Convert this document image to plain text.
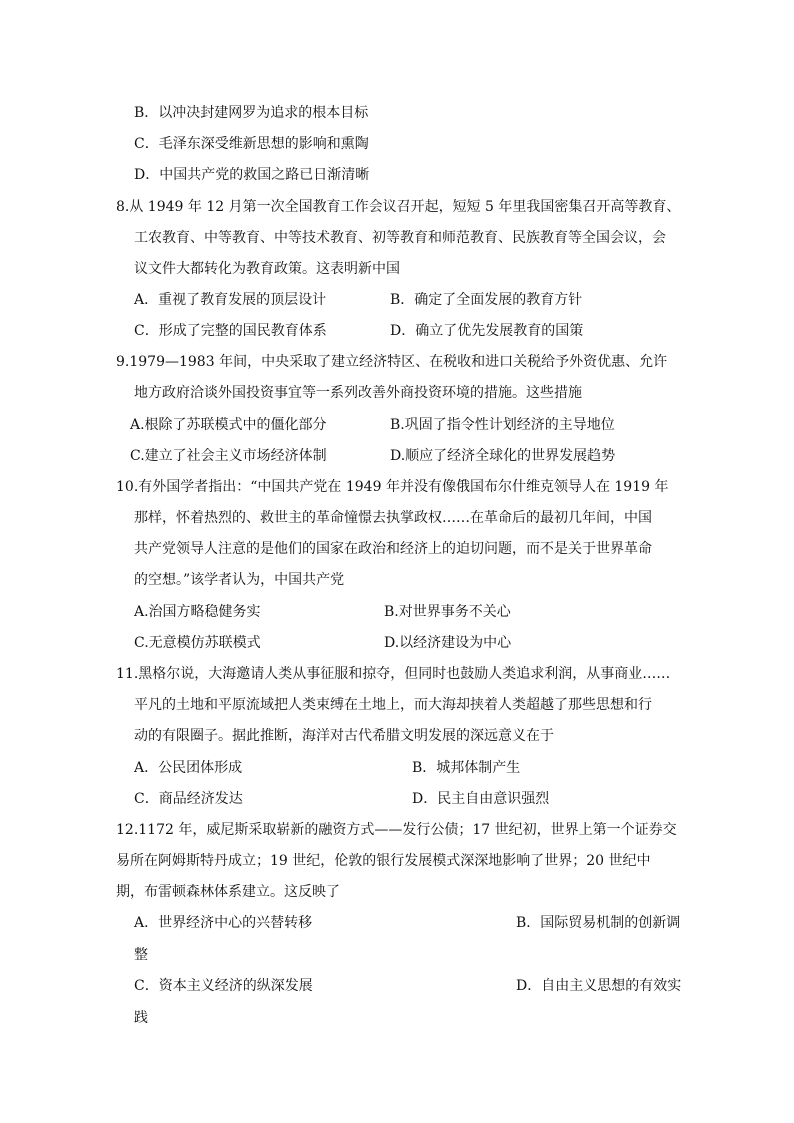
B．以冲决封建网罗为追求的根本目标
C．毛泽东深受维新思想的影响和熏陶
D．中国共产党的救国之路已日渐清晰
8.从 1949 年 12 月第一次全国教育工作会议召开起，短短 5 年里我国密集召开高等教育、
工农教育、中等教育、中等技术教育、初等教育和师范教育、民族教育等全国会议，会
议文件大都转化为教育政策。这表明新中国
A．重视了教育发展的顶层设计	B．确定了全面发展的教育方针
C．形成了完整的国民教育体系	D．确立了优先发展教育的国策
9.1979—1983 年间，中央采取了建立经济特区、在税收和进口关税给予外资优惠、允许
地方政府洽谈外国投资事宜等一系列改善外商投资环境的措施。这些措施
A.根除了苏联模式中的僵化部分	B.巩固了指令性计划经济的主导地位
C.建立了社会主义市场经济体制	D.顺应了经济全球化的世界发展趋势
10.有外国学者指出：“中国共产党在 1949 年并没有像俄国布尔什维克领导人在 1919 年
那样，怀着热烈的、救世主的革命憧憬去执掌政权……在革命后的最初几年间，中国
共产党领导人注意的是他们的国家在政治和经济上的迫切问题，而不是关于世界革命
的空想。”该学者认为，中国共产党
A.治国方略稳健务实	B.对世界事务不关心
C.无意模仿苏联模式	D.以经济建设为中心
11.黑格尔说，大海邀请人类从事征服和掠夺，但同时也鼓励人类追求利润，从事商业……
平凡的土地和平原流域把人类束缚在土地上，而大海却挟着人类超越了那些思想和行
动的有限圈子。据此推断，海洋对古代希腊文明发展的深远意义在于
A．公民团体形成	B．城邦体制产生
C．商品经济发达	D．民主自由意识强烈
12.1172 年，威尼斯采取崭新的融资方式——发行公债；17 世纪初，世界上第一个证券交
易所在阿姆斯特丹成立；19 世纪，伦敦的银行发展模式深深地影响了世界；20 世纪中
期，布雷顿森林体系建立。这反映了
A．世界经济中心的兴替转移	B．国际贸易机制的创新调
整
C．资本主义经济的纵深发展	D．自由主义思想的有效实
践
